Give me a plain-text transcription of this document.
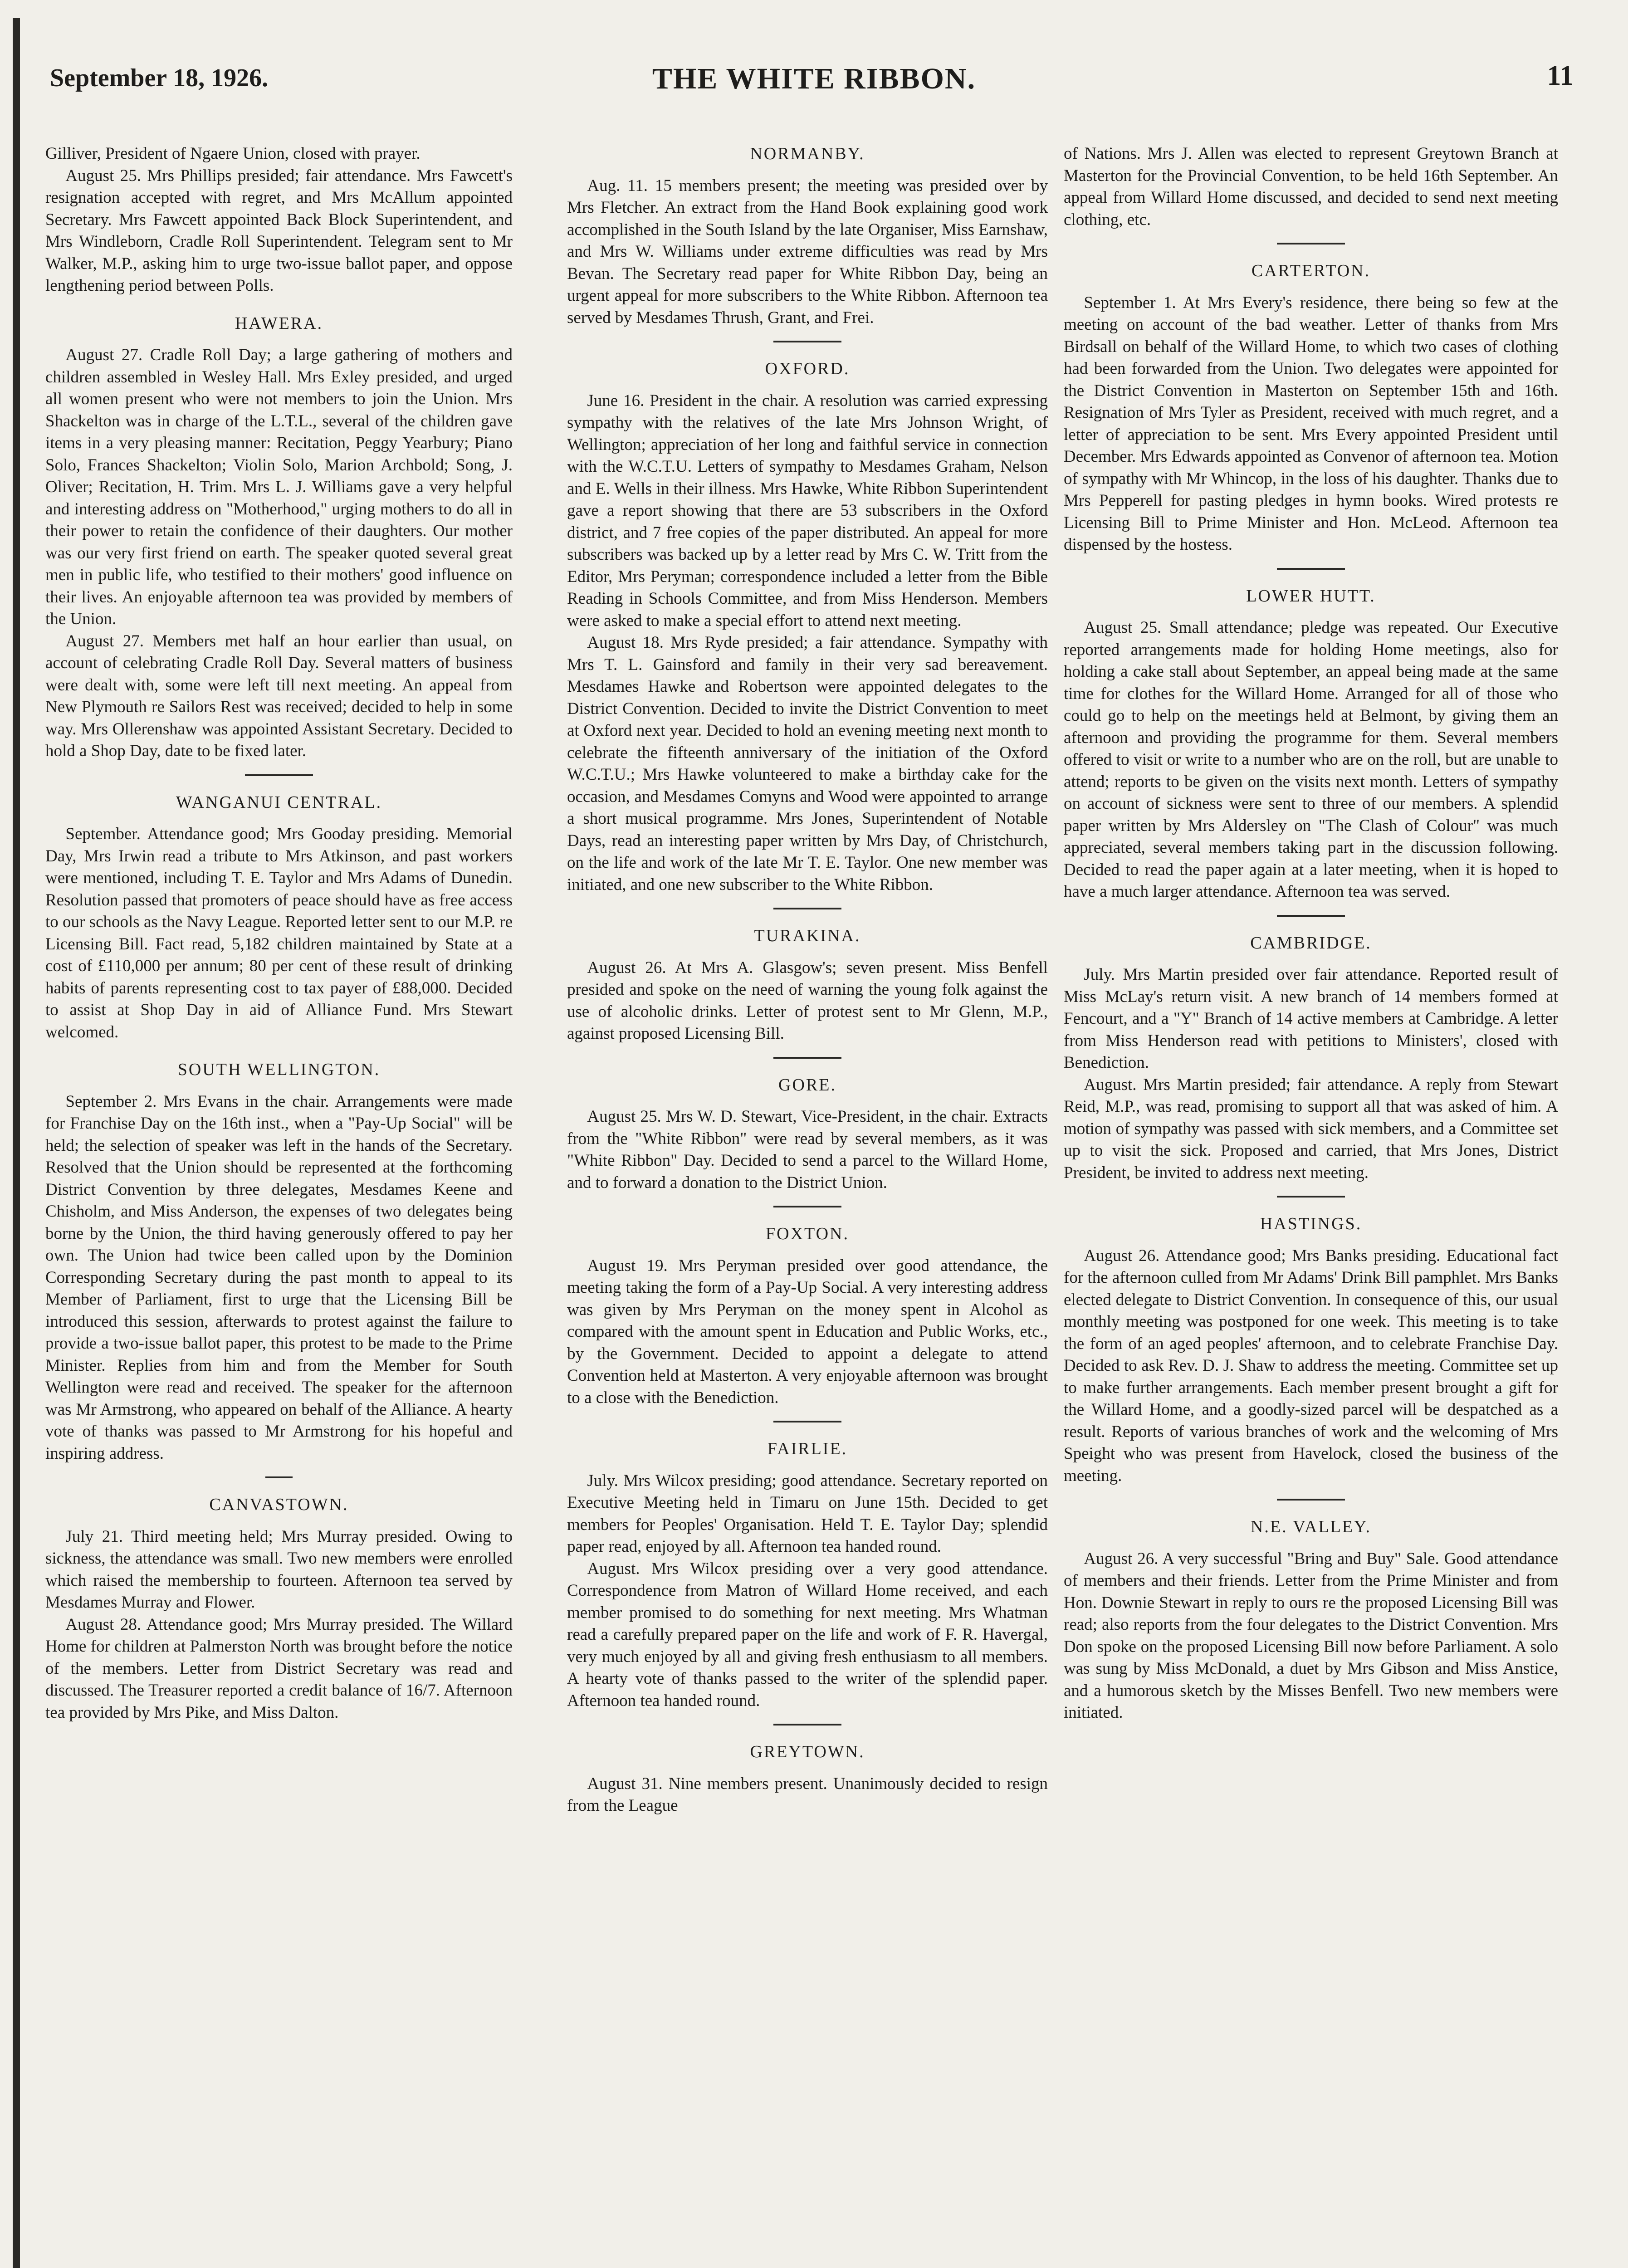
September 18, 1926.	THE WHITE RIBBON.	11

Gilliver, President of Ngaere Union, closed with prayer.

August 25. Mrs Phillips presided; fair attendance. Mrs Fawcett's resignation accepted with regret, and Mrs McAllum appointed Secretary. Mrs Fawcett appointed Back Block Superintendent, and Mrs Windleborn, Cradle Roll Superintendent. Telegram sent to Mr Walker, M.P., asking him to urge two-issue ballot paper, and oppose lengthening period between Polls.

HAWERA.

August 27. Cradle Roll Day; a large gathering of mothers and children assembled in Wesley Hall. Mrs Exley presided, and urged all women present who were not members to join the Union. Mrs Shackelton was in charge of the L.T.L., several of the children gave items in a very pleasing manner: Recitation, Peggy Yearbury; Piano Solo, Frances Shackelton; Violin Solo, Marion Archbold; Song, J. Oliver; Recitation, H. Trim. Mrs L. J. Williams gave a very helpful and interesting address on "Motherhood," urging mothers to do all in their power to retain the confidence of their daughters. Our mother was our very first friend on earth. The speaker quoted several great men in public life, who testified to their mothers' good influence on their lives. An enjoyable afternoon tea was provided by members of the Union.

August 27. Members met half an hour earlier than usual, on account of celebrating Cradle Roll Day. Several matters of business were dealt with, some were left till next meeting. An appeal from New Plymouth re Sailors Rest was received; decided to help in some way. Mrs Ollerenshaw was appointed Assistant Secretary. Decided to hold a Shop Day, date to be fixed later.

WANGANUI CENTRAL.

September. Attendance good; Mrs Gooday presiding. Memorial Day, Mrs Irwin read a tribute to Mrs Atkinson, and past workers were mentioned, including T. E. Taylor and Mrs Adams of Dunedin. Resolution passed that promoters of peace should have as free access to our schools as the Navy League. Reported letter sent to our M.P. re Licensing Bill. Fact read, 5,182 children maintained by State at a cost of £110,000 per annum; 80 per cent of these result of drinking habits of parents representing cost to tax payer of £88,000. Decided to assist at Shop Day in aid of Alliance Fund. Mrs Stewart welcomed.

SOUTH WELLINGTON.

September 2. Mrs Evans in the chair. Arrangements were made for Franchise Day on the 16th inst., when a "Pay-Up Social" will be held; the selection of speaker was left in the hands of the Secretary. Resolved that the Union should be represented at the forthcoming District Convention by three delegates, Mesdames Keene and Chisholm, and Miss Anderson, the expenses of two delegates being borne by the Union, the third having generously offered to pay her own. The Union had twice been called upon by the Dominion Corresponding Secretary during the past month to appeal to its Member of Parliament, first to urge that the Licensing Bill be introduced this session, afterwards to protest against the failure to provide a two-issue ballot paper, this protest to be made to the Prime Minister. Replies from him and from the Member for South Wellington were read and received. The speaker for the afternoon was Mr Armstrong, who appeared on behalf of the Alliance. A hearty vote of thanks was passed to Mr Armstrong for his hopeful and inspiring address.

CANVASTOWN.

July 21. Third meeting held; Mrs Murray presided. Owing to sickness, the attendance was small. Two new members were enrolled which raised the membership to fourteen. Afternoon tea served by Mesdames Murray and Flower.

August 28. Attendance good; Mrs Murray presided. The Willard Home for children at Palmerston North was brought before the notice of the members. Letter from District Secretary was read and discussed. The Treasurer reported a credit balance of 16/7. Afternoon tea provided by Mrs Pike, and Miss Dalton.

NORMANBY.

Aug. 11. 15 members present; the meeting was presided over by Mrs Fletcher. An extract from the Hand Book explaining good work accomplished in the South Island by the late Organiser, Miss Earnshaw, and Mrs W. Williams under extreme difficulties was read by Mrs Bevan. The Secretary read paper for White Ribbon Day, being an urgent appeal for more subscribers to the White Ribbon. Afternoon tea served by Mesdames Thrush, Grant, and Frei.

OXFORD.

June 16. President in the chair. A resolution was carried expressing sympathy with the relatives of the late Mrs Johnson Wright, of Wellington; appreciation of her long and faithful service in connection with the W.C.T.U. Letters of sympathy to Mesdames Graham, Nelson and E. Wells in their illness. Mrs Hawke, White Ribbon Superintendent gave a report showing that there are 53 subscribers in the Oxford district, and 7 free copies of the paper distributed. An appeal for more subscribers was backed up by a letter read by Mrs C. W. Tritt from the Editor, Mrs Peryman; correspondence included a letter from the Bible Reading in Schools Committee, and from Miss Henderson. Members were asked to make a special effort to attend next meeting.

August 18. Mrs Ryde presided; a fair attendance. Sympathy with Mrs T. L. Gainsford and family in their very sad bereavement. Mesdames Hawke and Robertson were appointed delegates to the District Convention. Decided to invite the District Convention to meet at Oxford next year. Decided to hold an evening meeting next month to celebrate the fifteenth anniversary of the initiation of the Oxford W.C.T.U.; Mrs Hawke volunteered to make a birthday cake for the occasion, and Mesdames Comyns and Wood were appointed to arrange a short musical programme. Mrs Jones, Superintendent of Notable Days, read an interesting paper written by Mrs Day, of Christchurch, on the life and work of the late Mr T. E. Taylor. One new member was initiated, and one new subscriber to the White Ribbon.

TURAKINA.

August 26. At Mrs A. Glasgow's; seven present. Miss Benfell presided and spoke on the need of warning the young folk against the use of alcoholic drinks. Letter of protest sent to Mr Glenn, M.P., against proposed Licensing Bill.

GORE.

August 25. Mrs W. D. Stewart, Vice-President, in the chair. Extracts from the "White Ribbon" were read by several members, as it was "White Ribbon" Day. Decided to send a parcel to the Willard Home, and to forward a donation to the District Union.

FOXTON.

August 19. Mrs Peryman presided over good attendance, the meeting taking the form of a Pay-Up Social. A very interesting address was given by Mrs Peryman on the money spent in Alcohol as compared with the amount spent in Education and Public Works, etc., by the Government. Decided to appoint a delegate to attend Convention held at Masterton. A very enjoyable afternoon was brought to a close with the Benediction.

FAIRLIE.

July. Mrs Wilcox presiding; good attendance. Secretary reported on Executive Meeting held in Timaru on June 15th. Decided to get members for Peoples' Organisation. Held T. E. Taylor Day; splendid paper read, enjoyed by all. Afternoon tea handed round.

August. Mrs Wilcox presiding over a very good attendance. Correspondence from Matron of Willard Home received, and each member promised to do something for next meeting. Mrs Whatman read a carefully prepared paper on the life and work of F. R. Havergal, very much enjoyed by all and giving fresh enthusiasm to all members. A hearty vote of thanks passed to the writer of the splendid paper. Afternoon tea handed round.

GREYTOWN.

August 31. Nine members present. Unanimously decided to resign from the League

of Nations. Mrs J. Allen was elected to represent Greytown Branch at Masterton for the Provincial Convention, to be held 16th September. An appeal from Willard Home discussed, and decided to send next meeting clothing, etc.

CARTERTON.

September 1. At Mrs Every's residence, there being so few at the meeting on account of the bad weather. Letter of thanks from Mrs Birdsall on behalf of the Willard Home, to which two cases of clothing had been forwarded from the Union. Two delegates were appointed for the District Convention in Masterton on September 15th and 16th. Resignation of Mrs Tyler as President, received with much regret, and a letter of appreciation to be sent. Mrs Every appointed President until December. Mrs Edwards appointed as Convenor of afternoon tea. Motion of sympathy with Mr Whincop, in the loss of his daughter. Thanks due to Mrs Pepperell for pasting pledges in hymn books. Wired protests re Licensing Bill to Prime Minister and Hon. McLeod. Afternoon tea dispensed by the hostess.

LOWER HUTT.

August 25. Small attendance; pledge was repeated. Our Executive reported arrangements made for holding Home meetings, also for holding a cake stall about September, an appeal being made at the same time for clothes for the Willard Home. Arranged for all of those who could go to help on the meetings held at Belmont, by giving them an afternoon and providing the programme for them. Several members offered to visit or write to a number who are on the roll, but are unable to attend; reports to be given on the visits next month. Letters of sympathy on account of sickness were sent to three of our members. A splendid paper written by Mrs Aldersley on "The Clash of Colour" was much appreciated, several members taking part in the discussion following. Decided to read the paper again at a later meeting, when it is hoped to have a much larger attendance. Afternoon tea was served.

CAMBRIDGE.

July. Mrs Martin presided over fair attendance. Reported result of Miss McLay's return visit. A new branch of 14 members formed at Fencourt, and a "Y" Branch of 14 active members at Cambridge. A letter from Miss Henderson read with petitions to Ministers', closed with Benediction.

August. Mrs Martin presided; fair attendance. A reply from Stewart Reid, M.P., was read, promising to support all that was asked of him. A motion of sympathy was passed with sick members, and a Committee set up to visit the sick. Proposed and carried, that Mrs Jones, District President, be invited to address next meeting.

HASTINGS.

August 26. Attendance good; Mrs Banks presiding. Educational fact for the afternoon culled from Mr Adams' Drink Bill pamphlet. Mrs Banks elected delegate to District Convention. In consequence of this, our usual monthly meeting was postponed for one week. This meeting is to take the form of an aged peoples' afternoon, and to celebrate Franchise Day. Decided to ask Rev. D. J. Shaw to address the meeting. Committee set up to make further arrangements. Each member present brought a gift for the Willard Home, and a goodly-sized parcel will be despatched as a result. Reports of various branches of work and the welcoming of Mrs Speight who was present from Havelock, closed the business of the meeting.

N.E. VALLEY.

August 26. A very successful "Bring and Buy" Sale. Good attendance of members and their friends. Letter from the Prime Minister and from Hon. Downie Stewart in reply to ours re the proposed Licensing Bill was read; also reports from the four delegates to the District Convention. Mrs Don spoke on the proposed Licensing Bill now before Parliament. A solo was sung by Miss McDonald, a duet by Mrs Gibson and Miss Anstice, and a humorous sketch by the Misses Benfell. Two new members were initiated.
